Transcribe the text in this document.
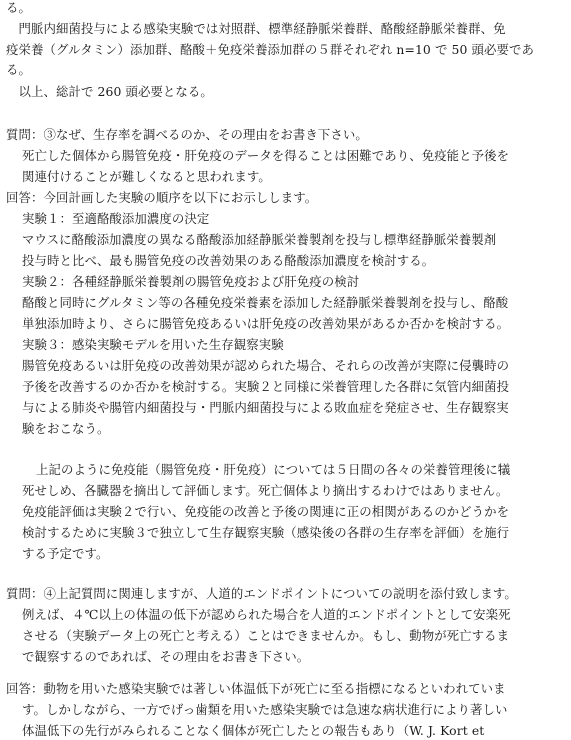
る。
　門脈内細菌投与による感染実験では対照群、標準経静脈栄養群、酪酸経静脈栄養群、免
疫栄養（グルタミン）添加群、酪酸＋免疫栄養添加群の５群それぞれ n=10 で 50 頭必要であ
る。
　以上、総計で 260 頭必要となる。
質問：③なぜ、生存率を調べるのか、その理由をお書き下さい。
死亡した個体から腸管免疫・肝免疫のデータを得ることは困難であり、免疫能と予後を
関連付けることが難しくなると思われます。
回答：今回計画した実験の順序を以下にお示しします。
実験１：至適酪酸添加濃度の決定
マウスに酪酸添加濃度の異なる酪酸添加経静脈栄養製剤を投与し標準経静脈栄養製剤
投与時と比べ、最も腸管免疫の改善効果のある酪酸添加濃度を検討する。
実験２：各種経静脈栄養製剤の腸管免疫および肝免疫の検討
酪酸と同時にグルタミン等の各種免疫栄養素を添加した経静脈栄養製剤を投与し、酪酸
単独添加時より、さらに腸管免疫あるいは肝免疫の改善効果があるか否かを検討する。
実験３：感染実験モデルを用いた生存観察実験
腸管免疫あるいは肝免疫の改善効果が認められた場合、それらの改善が実際に侵襲時の
予後を改善するのか否かを検討する。実験２と同様に栄養管理した各群に気管内細菌投
与による肺炎や腸管内細菌投与・門脈内細菌投与による敗血症を発症させ、生存観察実
験をおこなう。
上記のように免疫能（腸管免疫・肝免疫）については５日間の各々の栄養管理後に犠
死せしめ、各臓器を摘出して評価します。死亡個体より摘出するわけではありません。
免疫能評価は実験２で行い、免疫能の改善と予後の関連に正の相関があるのかどうかを
検討するために実験３で独立して生存観察実験（感染後の各群の生存率を評価）を施行
する予定です。
質問：④上記質問に関連しますが、人道的エンドポイントについての説明を添付致します。
例えば、４℃以上の体温の低下が認められた場合を人道的エンドポイントとして安楽死
させる（実験データ上の死亡と考える）ことはできませんか。もし、動物が死亡するま
で観察するのであれば、その理由をお書き下さい。
回答：動物を用いた感染実験では著しい体温低下が死亡に至る指標になるといわれていま
す。しかしながら、一方でげっ歯類を用いた感染実験では急速な病状進行により著しい
体温低下の先行がみられることなく個体が死亡したとの報告もあり（W. J. Kort et
